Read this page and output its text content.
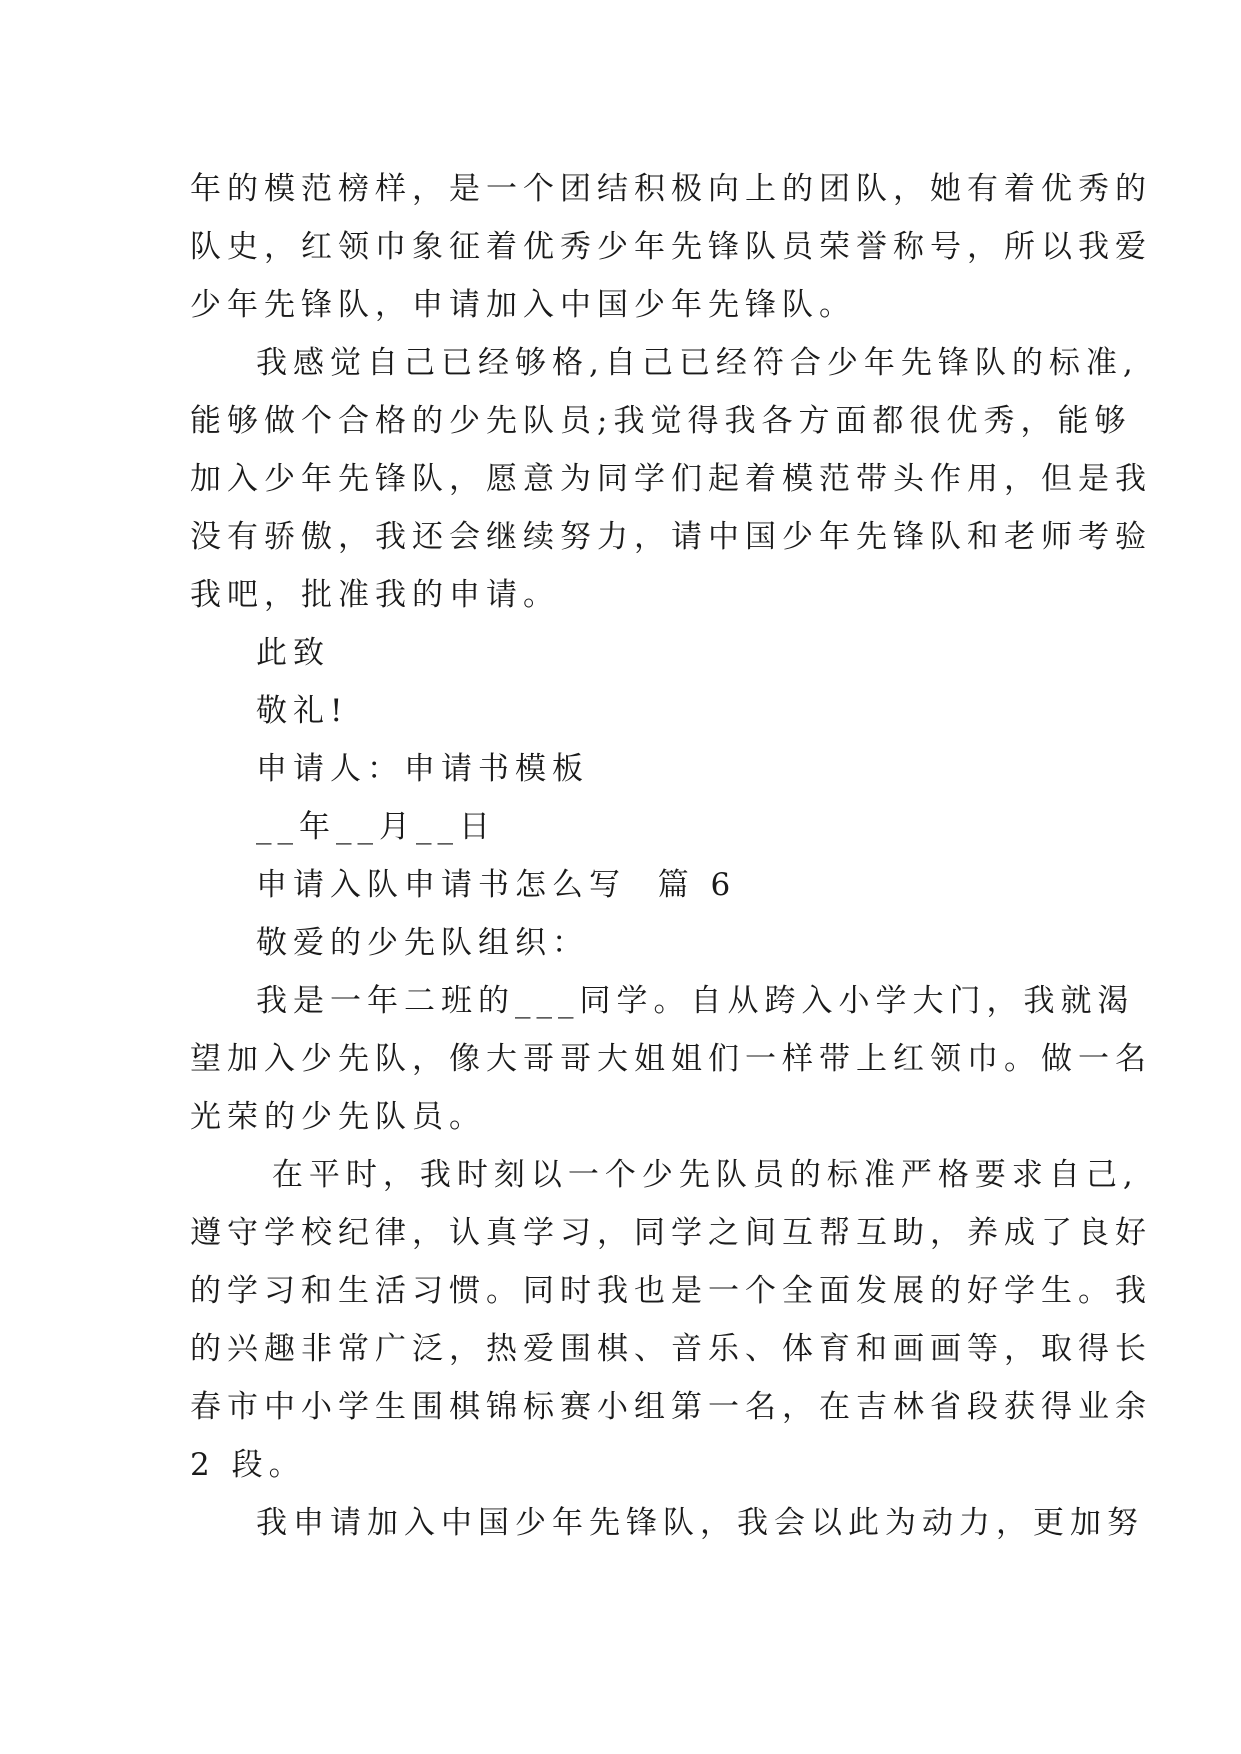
年的模范榜样，是一个团结积极向上的团队，她有着优秀的

队史，红领巾象征着优秀少年先锋队员荣誉称号，所以我爱

少年先锋队，申请加入中国少年先锋队。

我感觉自己已经够格,自己已经符合少年先锋队的标准,

能够做个合格的少先队员;我觉得我各方面都很优秀，能够

加入少年先锋队，愿意为同学们起着模范带头作用，但是我

没有骄傲，我还会继续努力，请中国少年先锋队和老师考验

我吧，批准我的申请。

此致

敬礼!

申请人：申请书模板

__年__月__日

申请入队申请书怎么写  篇 6

敬爱的少先队组织：

我是一年二班的___同学。自从跨入小学大门，我就渴

望加入少先队，像大哥哥大姐姐们一样带上红领巾。做一名

光荣的少先队员。

在平时，我时刻以一个少先队员的标准严格要求自己,

遵守学校纪律，认真学习，同学之间互帮互助，养成了良好

的学习和生活习惯。同时我也是一个全面发展的好学生。我

的兴趣非常广泛，热爱围棋、音乐、体育和画画等，取得长

春市中小学生围棋锦标赛小组第一名，在吉林省段获得业余

2 段。

我申请加入中国少年先锋队，我会以此为动力，更加努
